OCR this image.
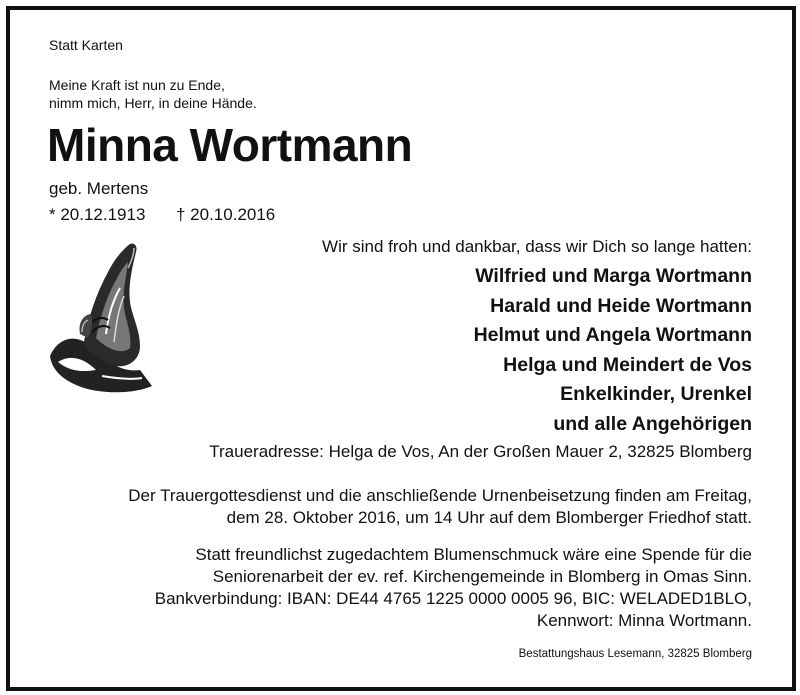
Statt Karten
Meine Kraft ist nun zu Ende,
nimm mich, Herr, in deine Hände.
Minna Wortmann
geb. Mertens
* 20.12.1913 † 20.10.2016
Wir sind froh und dankbar, dass wir Dich so lange hatten:
Wilfried und Marga Wortmann
Harald und Heide Wortmann
Helmut und Angela Wortmann
Helga und Meindert de Vos
Enkelkinder, Urenkel
und alle Angehörigen
Traueradresse: Helga de Vos, An der Großen Mauer 2, 32825 Blomberg
Der Trauergottesdienst und die anschließende Urnenbeisetzung finden am Freitag,
dem 28. Oktober 2016, um 14 Uhr auf dem Blomberger Friedhof statt.
Statt freundlichst zugedachtem Blumenschmuck wäre eine Spende für die
Seniorenarbeit der ev. ref. Kirchengemeinde in Blomberg in Omas Sinn.
Bankverbindung: IBAN: DE44 4765 1225 0000 0005 96, BIC: WELADED1BLO,
Kennwort: Minna Wortmann.
Bestattungshaus Lesemann, 32825 Blomberg
